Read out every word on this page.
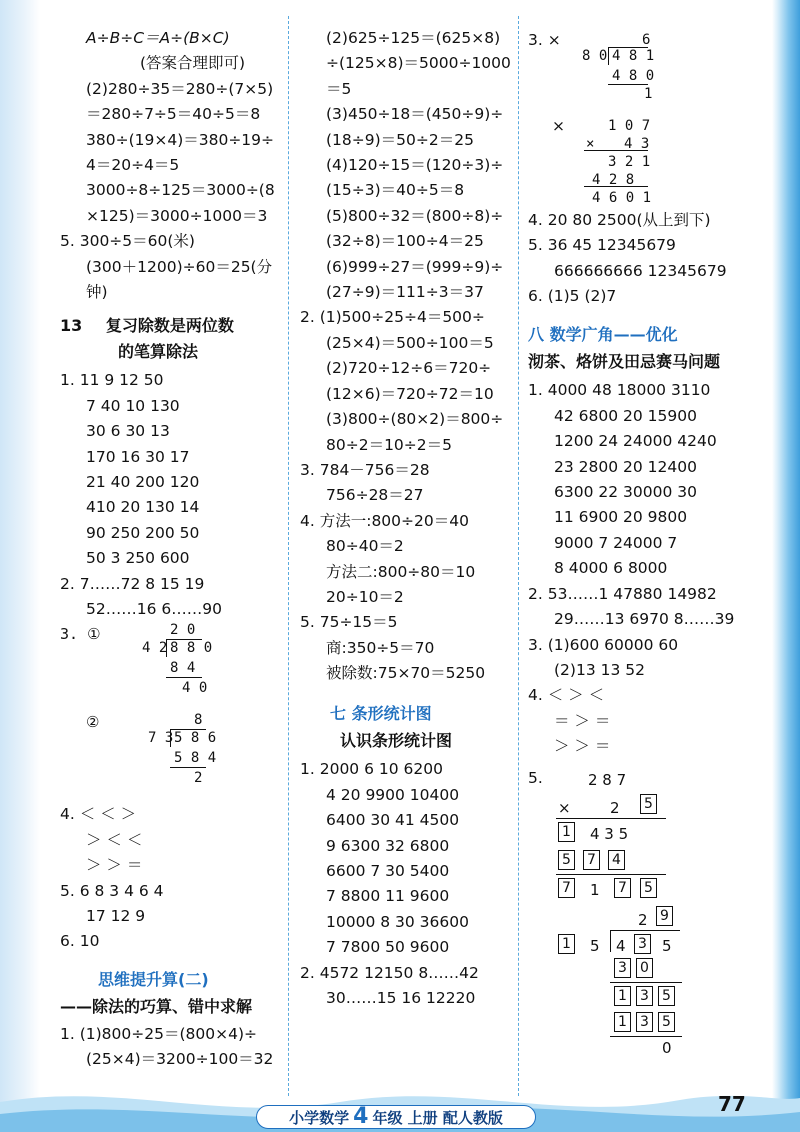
A÷B÷C＝A÷(B×C)
(答案合理即可)
(2)280÷35＝280÷(7×5)
＝280÷7÷5＝40÷5＝8
380÷(19×4)＝380÷19÷
4＝20÷4＝5
3000÷8÷125＝3000÷(8
×125)＝3000÷1000＝3
5. 300÷5＝60(米)
(300＋1200)÷60＝25(分
钟)
13 复习除数是两位数
的笔算除法
1. 11 9 12 50
7 40 10 130
30 6 30 13
170 16 30 17
21 40 200 120
410 20 130 14
90 250 200 50
50 3 250 600
2. 7……72 8 15 19
52……16 6……90
3. ①	2 0
4 2 8 8 0
8 4
4 0
②	8
7 3 5 8 6
5 8 4
2
4. ＜ ＜ ＞
＞ ＜ ＜
＞ ＞ ＝
5. 6 8 3 4 6 4
17 12 9
6. 10
思维提升算(二)
——除法的巧算、错中求解
1. (1)800÷25＝(800×4)÷
(25×4)＝3200÷100＝32
(2)625÷125＝(625×8)
÷(125×8)＝5000÷1000
＝5
(3)450÷18＝(450÷9)÷
(18÷9)＝50÷2＝25
(4)120÷15＝(120÷3)÷
(15÷3)＝40÷5＝8
(5)800÷32＝(800÷8)÷
(32÷8)＝100÷4＝25
(6)999÷27＝(999÷9)÷
(27÷9)＝111÷3＝37
2. (1)500÷25÷4＝500÷
(25×4)＝500÷100＝5
(2)720÷12÷6＝720÷
(12×6)＝720÷72＝10
(3)800÷(80×2)＝800÷
80÷2＝10÷2＝5
3. 784－756＝28
756÷28＝27
4. 方法一:800÷20＝40
80÷40＝2
方法二:800÷80＝10
20÷10＝2
5. 75÷15＝5
商:350÷5＝70
被除数:75×70＝5250
七 条形统计图
认识条形统计图
1. 2000 6 10 6200
4 20 9900 10400
6400 30 41 4500
9 6300 32 6800
6600 7 30 5400
7 8800 11 9600
10000 8 30 36600
7 7800 50 9600
2. 4572 12150 8……42
30……15 16 12220
3. ×	6
8 0 4 8 1
4 8 0
1
×	1 0 7
× 4 3
3 2 1
4 2 8
4 6 0 1
4. 20 80 2500(从上到下)
5. 36 45 12345679
666666666 12345679
6. (1)5 (2)7
八 数学广角——优化
沏茶、烙饼及田忌赛马问题
1. 4000 48 18000 3110
42 6800 20 15900
1200 24 24000 4240
23 2800 20 12400
6300 22 30000 30
11 6900 20 9800
9000 7 24000 7
8 4000 6 8000
2. 53……1 47880 14982
29……13 6970 8……39
3. (1)600 60000 60
(2)13 13 52
4. ＜ ＞ ＜
＝ ＞ ＝
＞ ＞ ＝
5.	2 8 7
×	2 5
1 4 3 5
5 7 4
7 1 7 5
2 9
1 5 4 3 5
3 0
1 3 5
1 3 5
0
小学数学 4 年级 上册 配人教版
77
